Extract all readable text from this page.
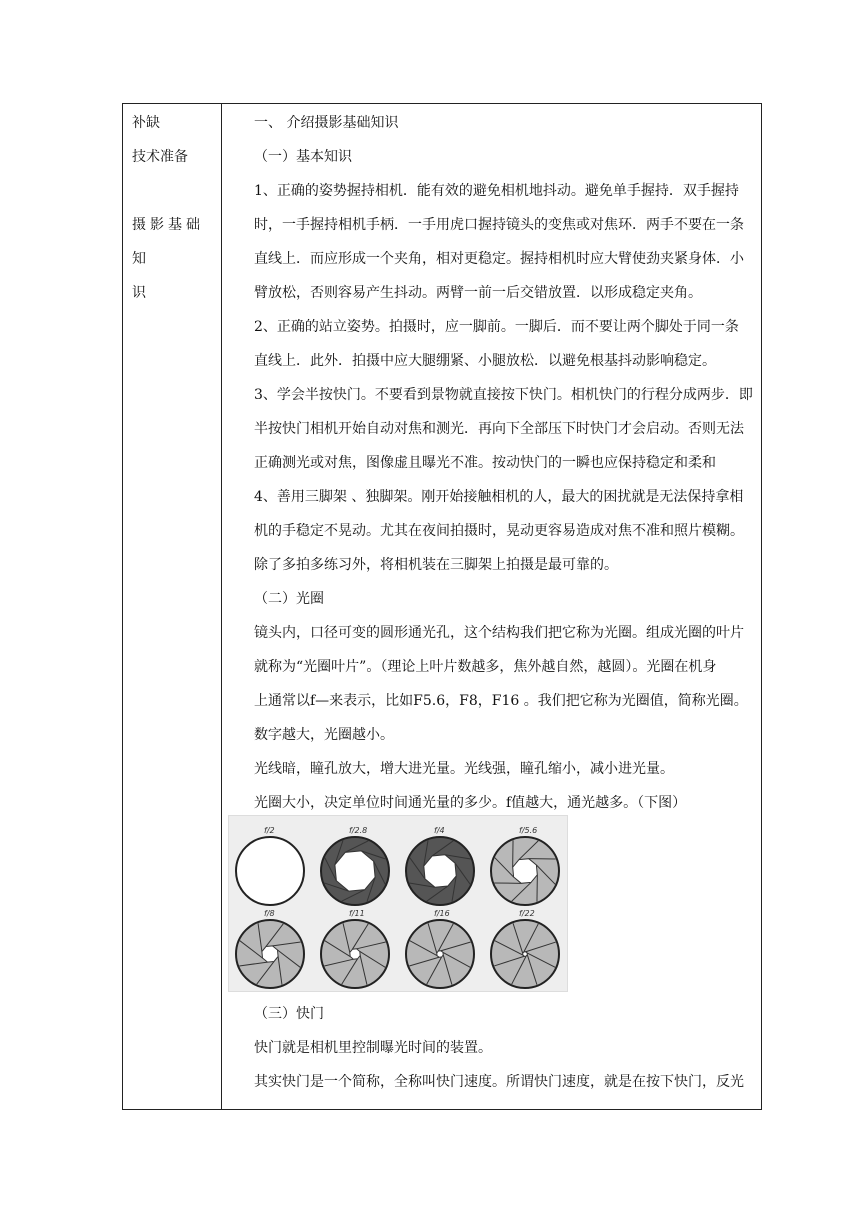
补缺
技术准备

摄影基础知
识
一、 介绍摄影基础知识
（一）基本知识
1、正确的姿势握持相机．能有效的避免相机地抖动。避免单手握持．双手握持
时，一手握持相机手柄．一手用虎口握持镜头的变焦或对焦环．两手不要在一条
直线上．而应形成一个夹角，相对更稳定。握持相机时应大臂使劲夹紧身体．小
臂放松，否则容易产生抖动。两臂一前一后交错放置．以形成稳定夹角。
2、正确的站立姿势。拍摄时，应一脚前。一脚后．而不要让两个脚处于同一条
直线上．此外．拍摄中应大腿绷紧、小腿放松．以避免根基抖动影响稳定。
3、学会半按快门。不要看到景物就直接按下快门。相机快门的行程分成两步．即
半按快门相机开始自动对焦和测光．再向下全部压下时快门才会启动。否则无法
正确测光或对焦，图像虚且曝光不准。按动快门的一瞬也应保持稳定和柔和
4、善用三脚架 、独脚架。刚开始接触相机的人，最大的困扰就是无法保持拿相
机的手稳定不晃动。尤其在夜间拍摄时，晃动更容易造成对焦不准和照片模糊。
除了多拍多练习外，将相机装在三脚架上拍摄是最可靠的。
（二）光圈
镜头内，口径可变的圆形通光孔，这个结构我们把它称为光圈。组成光圈的叶片
就称为“光圈叶片”。（理论上叶片数越多，焦外越自然，越圆）。光圈在机身
上通常以f—来表示，比如F5.6，F8，F16 。我们把它称为光圈值，简称光圈。
数字越大，光圈越小。
光线暗，瞳孔放大，增大进光量。光线强，瞳孔缩小，减小进光量。
光圈大小，决定单位时间通光量的多少。f值越大，通光越多。（下图）
f/2	f/2.8	f/4	f/5.6
f/8	f/11	f/16	f/22
（三）快门
快门就是相机里控制曝光时间的装置。
其实快门是一个简称，全称叫快门速度。所谓快门速度，就是在按下快门，反光
